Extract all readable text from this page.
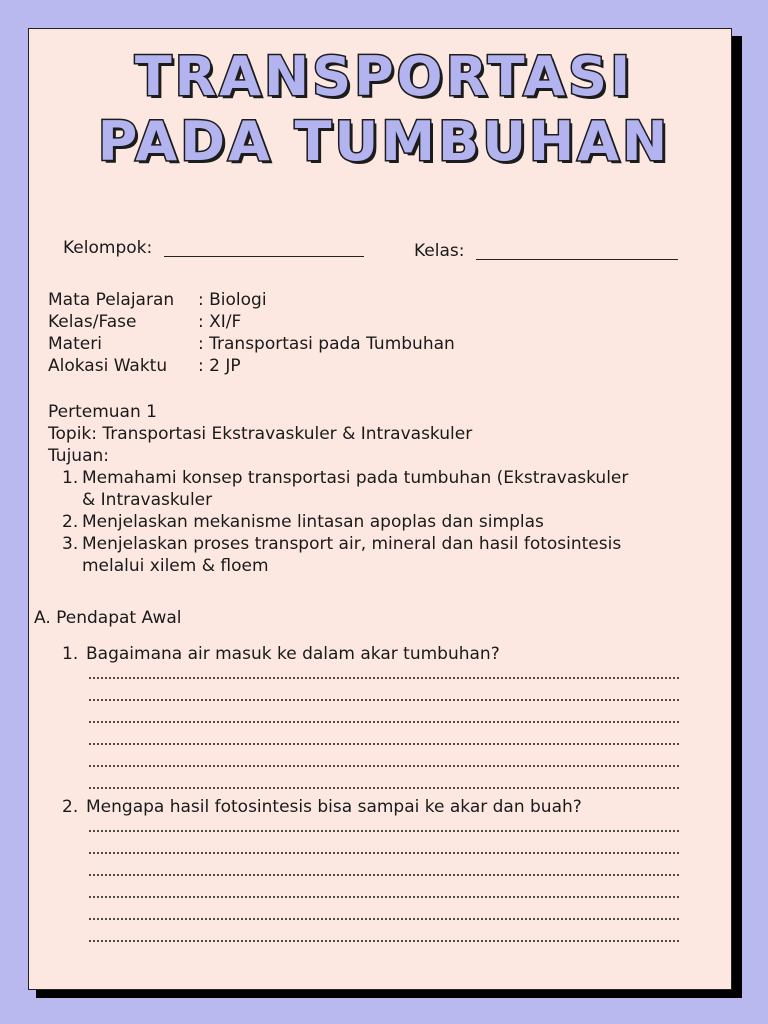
TRANSPORTASI
PADA TUMBUHAN
Kelompok:	Kelas:
Mata Pelajaran : Biologi
Kelas/Fase	: XI/F
Materi	: Transportasi pada Tumbuhan
Alokasi Waktu : 2 JP
Pertemuan 1
Topik: Transportasi Ekstravaskuler & Intravaskuler
Tujuan:
1. Memahami konsep transportasi pada tumbuhan (Ekstravaskuler
& Intravaskuler
2. Menjelaskan mekanisme lintasan apoplas dan simplas
3. Menjelaskan proses transport air, mineral dan hasil fotosintesis
melalui xilem & floem
A. Pendapat Awal
1. Bagaimana air masuk ke dalam akar tumbuhan?
2. Mengapa hasil fotosintesis bisa sampai ke akar dan buah?
